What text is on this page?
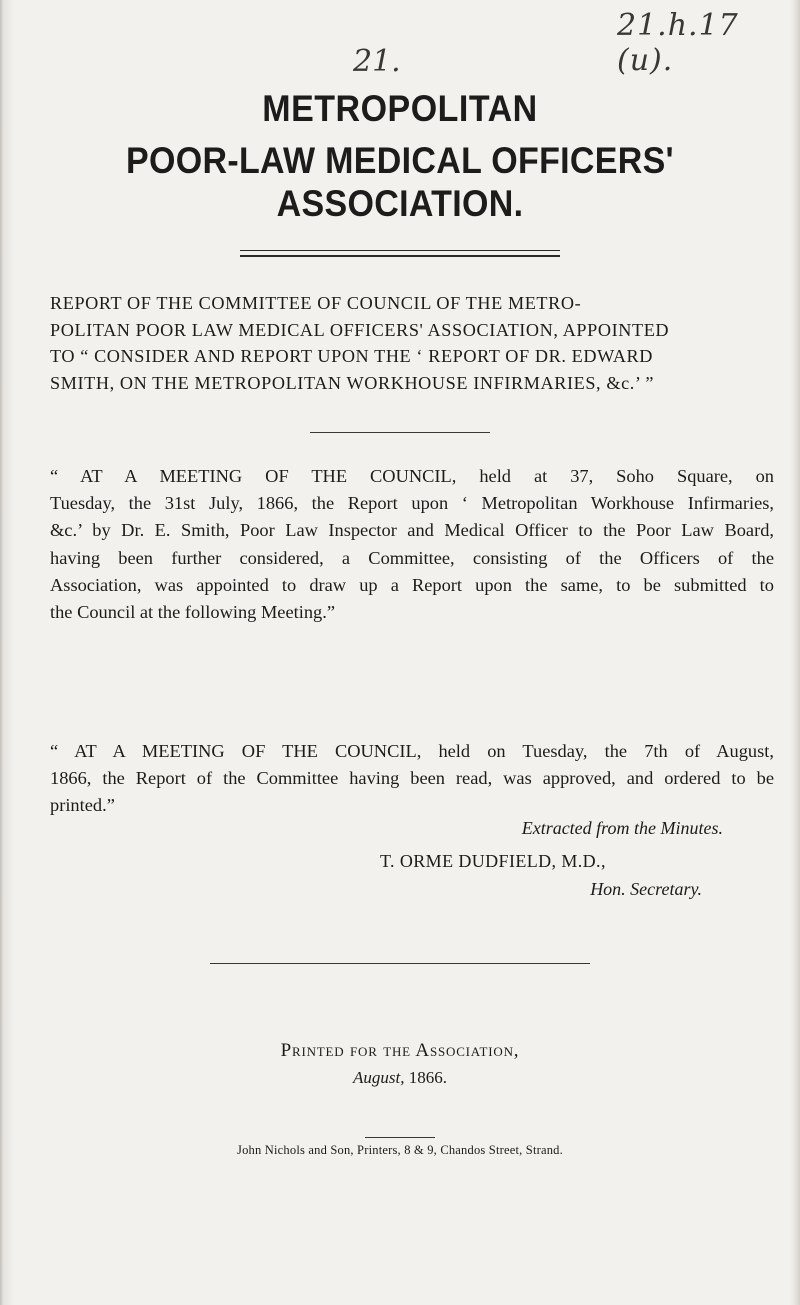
21.
21.h.17 (u).
METROPOLITAN
POOR-LAW MEDICAL OFFICERS' ASSOCIATION.
REPORT OF THE COMMITTEE OF COUNCIL OF THE METRO-
POLITAN POOR LAW MEDICAL OFFICERS' ASSOCIATION, APPOINTED
TO “ CONSIDER AND REPORT UPON THE ‘ REPORT OF DR. EDWARD
SMITH, ON THE METROPOLITAN WORKHOUSE INFIRMARIES, &c.’ ”
“ AT A MEETING OF THE COUNCIL, held at 37, Soho Square, on
Tuesday, the 31st July, 1866, the Report upon ‘ Metropolitan Workhouse Infirmaries,
&c.’ by Dr. E. Smith, Poor Law Inspector and Medical Officer to the Poor Law Board,
having been further considered, a Committee, consisting of the Officers of the
Association, was appointed to draw up a Report upon the same, to be submitted to
the Council at the following Meeting.”
“ AT A MEETING OF THE COUNCIL, held on Tuesday, the 7th of August,
1866, the Report of the Committee having been read, was approved, and ordered to be
printed.”
Extracted from the Minutes.
T. ORME DUDFIELD, M.D.,
Hon. Secretary.
Printed for the Association,
August, 1866.
John Nichols and Son, Printers, 8 & 9, Chandos Street, Strand.
